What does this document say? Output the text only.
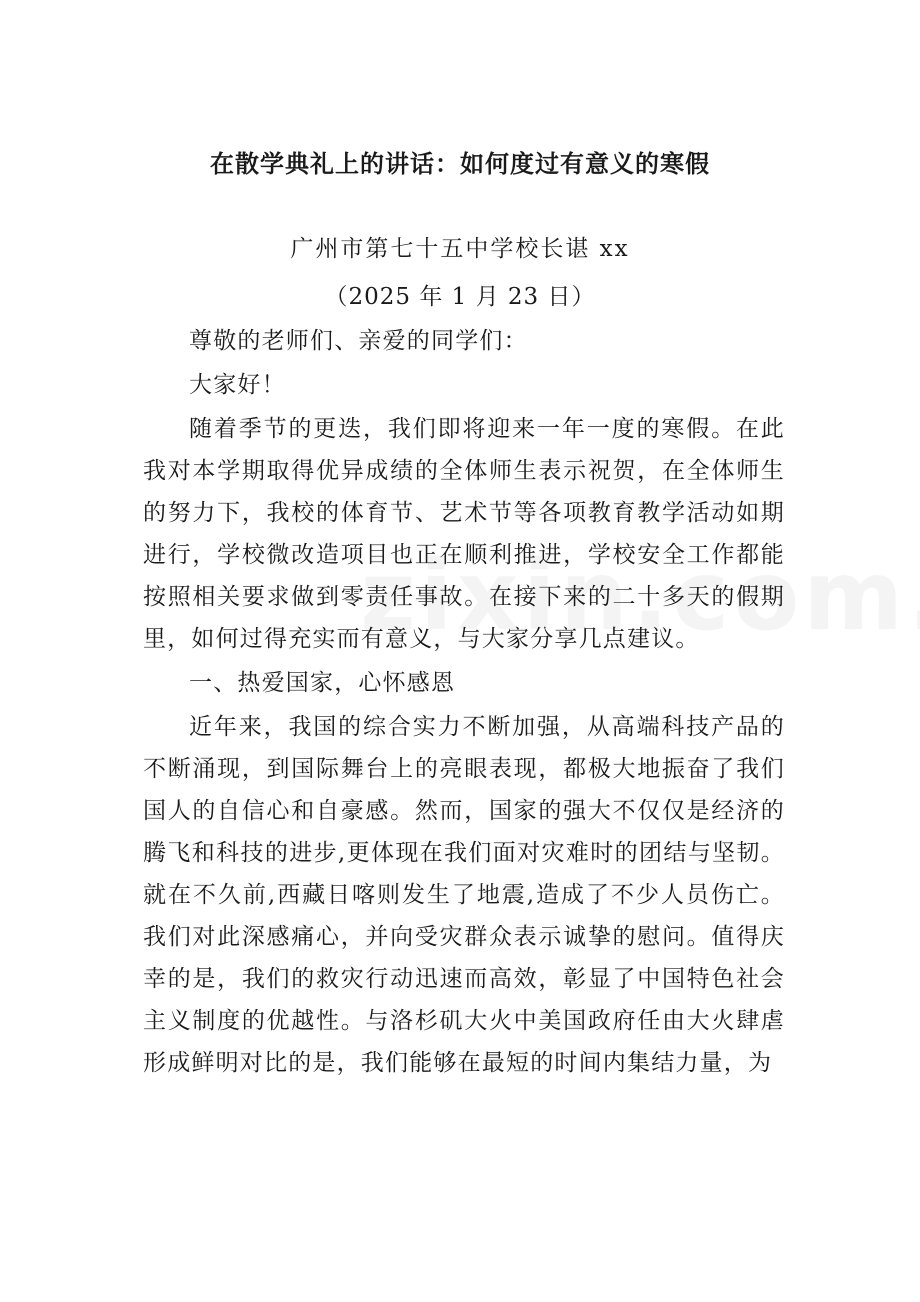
在散学典礼上的讲话：如何度过有意义的寒假
广州市第七十五中学校长谌 xx
（2025 年 1 月 23 日）

尊敬的老师们、亲爱的同学们：

大家好！

随着季节的更迭，我们即将迎来一年一度的寒假。在此我对本学期取得优异成绩的全体师生表示祝贺，在全体师生的努力下，我校的体育节、艺术节等各项教育教学活动如期进行，学校微改造项目也正在顺利推进，学校安全工作都能按照相关要求做到零责任事故。在接下来的二十多天的假期里，如何过得充实而有意义，与大家分享几点建议。

一、热爱国家，心怀感恩

近年来，我国的综合实力不断加强，从高端科技产品的不断涌现，到国际舞台上的亮眼表现，都极大地振奋了我们国人的自信心和自豪感。然而，国家的强大不仅仅是经济的腾飞和科技的进步,更体现在我们面对灾难时的团结与坚韧。就在不久前,西藏日喀则发生了地震,造成了不少人员伤亡。我们对此深感痛心，并向受灾群众表示诚挚的慰问。值得庆幸的是，我们的救灾行动迅速而高效，彰显了中国特色社会主义制度的优越性。与洛杉矶大火中美国政府任由大火肆虐形成鲜明对比的是，我们能够在最短的时间内集结力量，为
